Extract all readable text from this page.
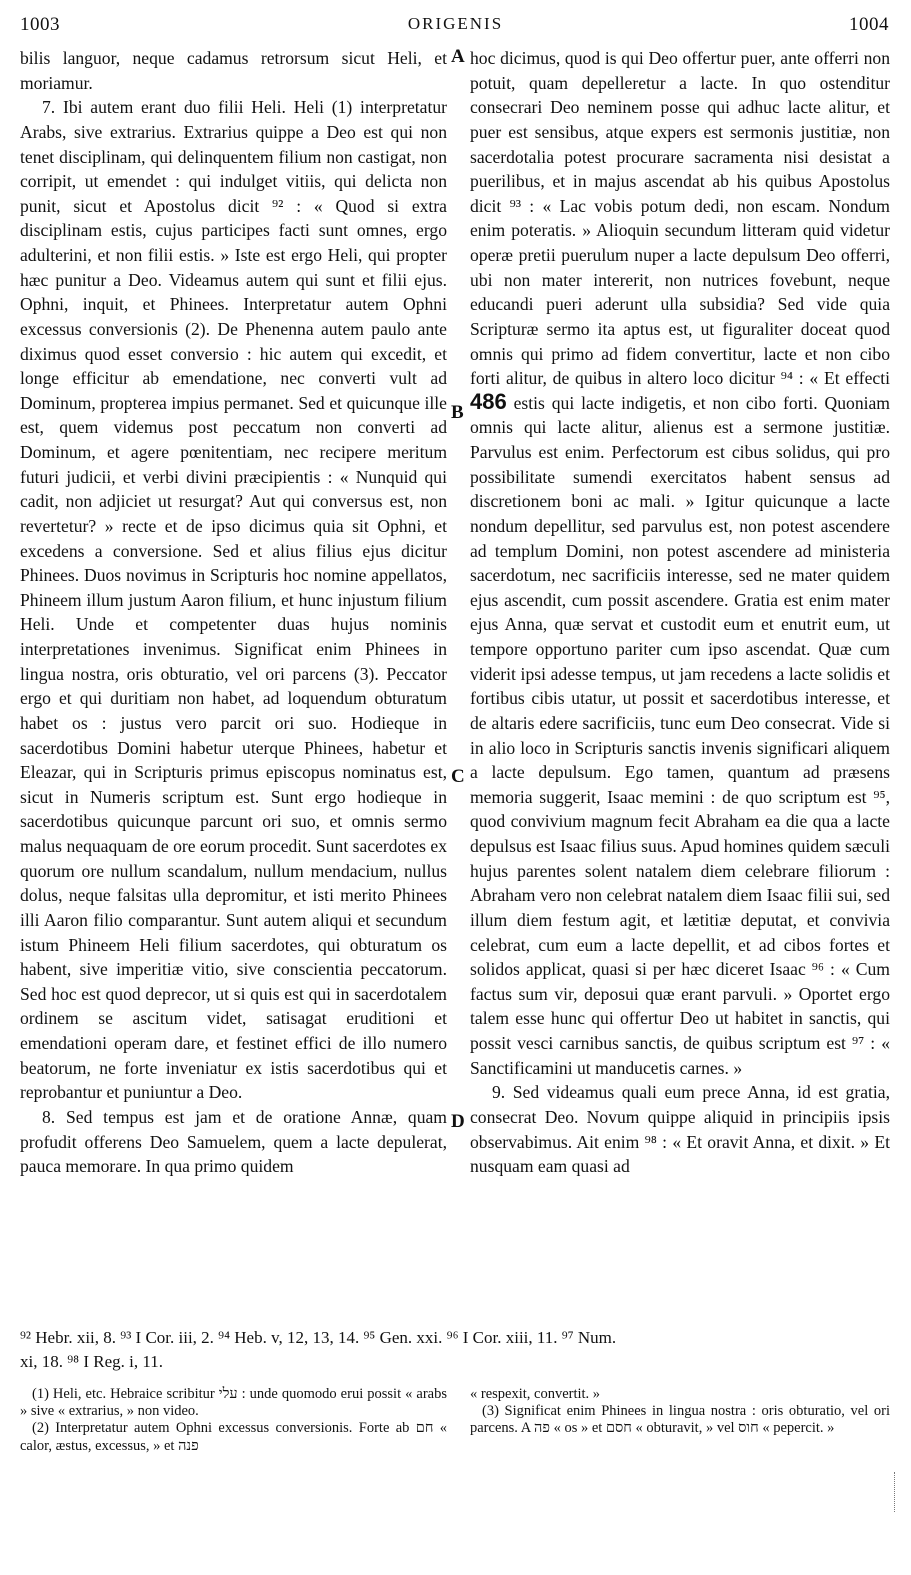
1003	ORIGENIS	1004

bilis languor, neque cadamus retrorsum sicut Heli, et moriamur.

7. Ibi autem erant duo filii Heli. Heli (1) interpretatur Arabs, sive extrarius. Extrarius quippe a Deo est qui non tenet disciplinam, qui delinquentem filium non castigat, non corripit, ut emendet : qui indulget vitiis, qui delicta non punit, sicut et Apostolus dicit ⁹² : « Quod si extra disciplinam estis, cujus participes facti sunt omnes, ergo adulterini, et non filii estis. » Iste est ergo Heli, qui propter hæc punitur a Deo. Videamus autem qui sunt et filii ejus. Ophni, inquit, et Phinees. Interpretatur autem Ophni excessus conversionis (2). De Phenenna autem paulo ante diximus quod esset conversio : hic autem qui excedit, et longe efficitur ab emendatione, nec converti vult ad Dominum, propterea impius permanet. Sed et quicunque ille est, quem videmus post peccatum non converti ad Dominum, et agere pœnitentiam, nec recipere meritum futuri judicii, et verbi divini præcipientis : « Nunquid qui cadit, non adjiciet ut resurgat? Aut qui conversus est, non revertetur? » recte et de ipso dicimus quia sit Ophni, et excedens a conversione. Sed et alius filius ejus dicitur Phinees. Duos novimus in Scripturis hoc nomine appellatos, Phineem illum justum Aaron filium, et hunc injustum filium Heli. Unde et competenter duas hujus nominis interpretationes invenimus. Significat enim Phinees in lingua nostra, oris obturatio, vel ori parcens (3). Peccator ergo et qui duritiam non habet, ad loquendum obturatum habet os : justus vero parcit ori suo. Hodieque in sacerdotibus Domini habetur uterque Phinees, habetur et Eleazar, qui in Scripturis primus episcopus nominatus est, sicut in Numeris scriptum est. Sunt ergo hodieque in sacerdotibus quicunque parcunt ori suo, et omnis sermo malus nequaquam de ore eorum procedit. Sunt sacerdotes ex quorum ore nullum scandalum, nullum mendacium, nullus dolus, neque falsitas ulla depromitur, et isti merito Phinees illi Aaron filio comparantur. Sunt autem aliqui et secundum istum Phineem Heli filium sacerdotes, qui obturatum os habent, sive imperitiæ vitio, sive conscientia peccatorum. Sed hoc est quod deprecor, ut si quis est qui in sacerdotalem ordinem se ascitum videt, satisagat eruditioni et emendationi operam dare, et festinet effici de illo numero beatorum, ne forte inveniatur ex istis sacerdotibus qui et reprobantur et puniuntur a Deo.

8. Sed tempus est jam et de oratione Annæ, quam profudit offerens Deo Samuelem, quem a lacte depulerat, pauca memorare. In qua primo quidem

A
B
C
D

hoc dicimus, quod is qui Deo offertur puer, ante offerri non potuit, quam depelleretur a lacte. In quo ostenditur consecrari Deo neminem posse qui adhuc lacte alitur, et puer est sensibus, atque expers est sermonis justitiæ, non sacerdotalia potest procurare sacramenta nisi desistat a puerilibus, et in majus ascendat ab his quibus Apostolus dicit ⁹³ : « Lac vobis potum dedi, non escam. Nondum enim poteratis. » Alioquin secundum litteram quid videtur operæ pretii puerulum nuper a lacte depulsum Deo offerri, ubi non mater intererit, non nutrices fovebunt, neque educandi pueri aderunt ulla subsidia? Sed vide quia Scripturæ sermo ita aptus est, ut figuraliter doceat quod omnis qui primo ad fidem convertitur, lacte et non cibo forti alitur, de quibus in altero loco dicitur ⁹⁴ : « Et effecti 486 estis qui lacte indigetis, et non cibo forti. Quoniam omnis qui lacte alitur, alienus est a sermone justitiæ. Parvulus est enim. Perfectorum est cibus solidus, qui pro possibilitate sumendi exercitatos habent sensus ad discretionem boni ac mali. » Igitur quicunque a lacte nondum depellitur, sed parvulus est, non potest ascendere ad templum Domini, non potest ascendere ad ministeria sacerdotum, nec sacrificiis interesse, sed ne mater quidem ejus ascendit, cum possit ascendere. Gratia est enim mater ejus Anna, quæ servat et custodit eum et enutrit eum, ut tempore opportuno pariter cum ipso ascendat. Quæ cum viderit ipsi adesse tempus, ut jam recedens a lacte solidis et fortibus cibis utatur, ut possit et sacerdotibus interesse, et de altaris edere sacrificiis, tunc eum Deo consecrat. Vide si in alio loco in Scripturis sanctis invenis significari aliquem a lacte depulsum. Ego tamen, quantum ad præsens memoria suggerit, Isaac memini : de quo scriptum est ⁹⁵, quod convivium magnum fecit Abraham ea die qua a lacte depulsus est Isaac filius suus. Apud homines quidem sæculi hujus parentes solent natalem diem celebrare filiorum : Abraham vero non celebrat natalem diem Isaac filii sui, sed illum diem festum agit, et lætitiæ deputat, et convivia celebrat, cum eum a lacte depellit, et ad cibos fortes et solidos applicat, quasi si per hæc diceret Isaac ⁹⁶ : « Cum factus sum vir, deposui quæ erant parvuli. » Oportet ergo talem esse hunc qui offertur Deo ut habitet in sanctis, qui possit vesci carnibus sanctis, de quibus scriptum est ⁹⁷ : « Sanctificamini ut manducetis carnes. »

9. Sed videamus quali eum prece Anna, id est gratia, consecrat Deo. Novum quippe aliquid in principiis ipsis observabimus. Ait enim ⁹⁸ : « Et oravit Anna, et dixit. » Et nusquam eam quasi ad

⁹² Hebr. xii, 8. ⁹³ I Cor. iii, 2. ⁹⁴ Heb. v, 12, 13, 14. ⁹⁵ Gen. xxi. ⁹⁶ I Cor. xiii, 11. ⁹⁷ Num.
xi, 18. ⁹⁸ I Reg. i, 11.

(1) Heli, etc. Hebraice scribitur עלי : unde quomodo erui possit « arabs » sive « extrarius, » non video.

(2) Interpretatur autem Ophni excessus conversionis. Forte ab חם « calor, æstus, excessus, » et פנה

« respexit, convertit. »

(3) Significat enim Phinees in lingua nostra : oris obturatio, vel ori parcens. A פה « os » et חסם « obturavit, » vel חוס « pepercit. »
